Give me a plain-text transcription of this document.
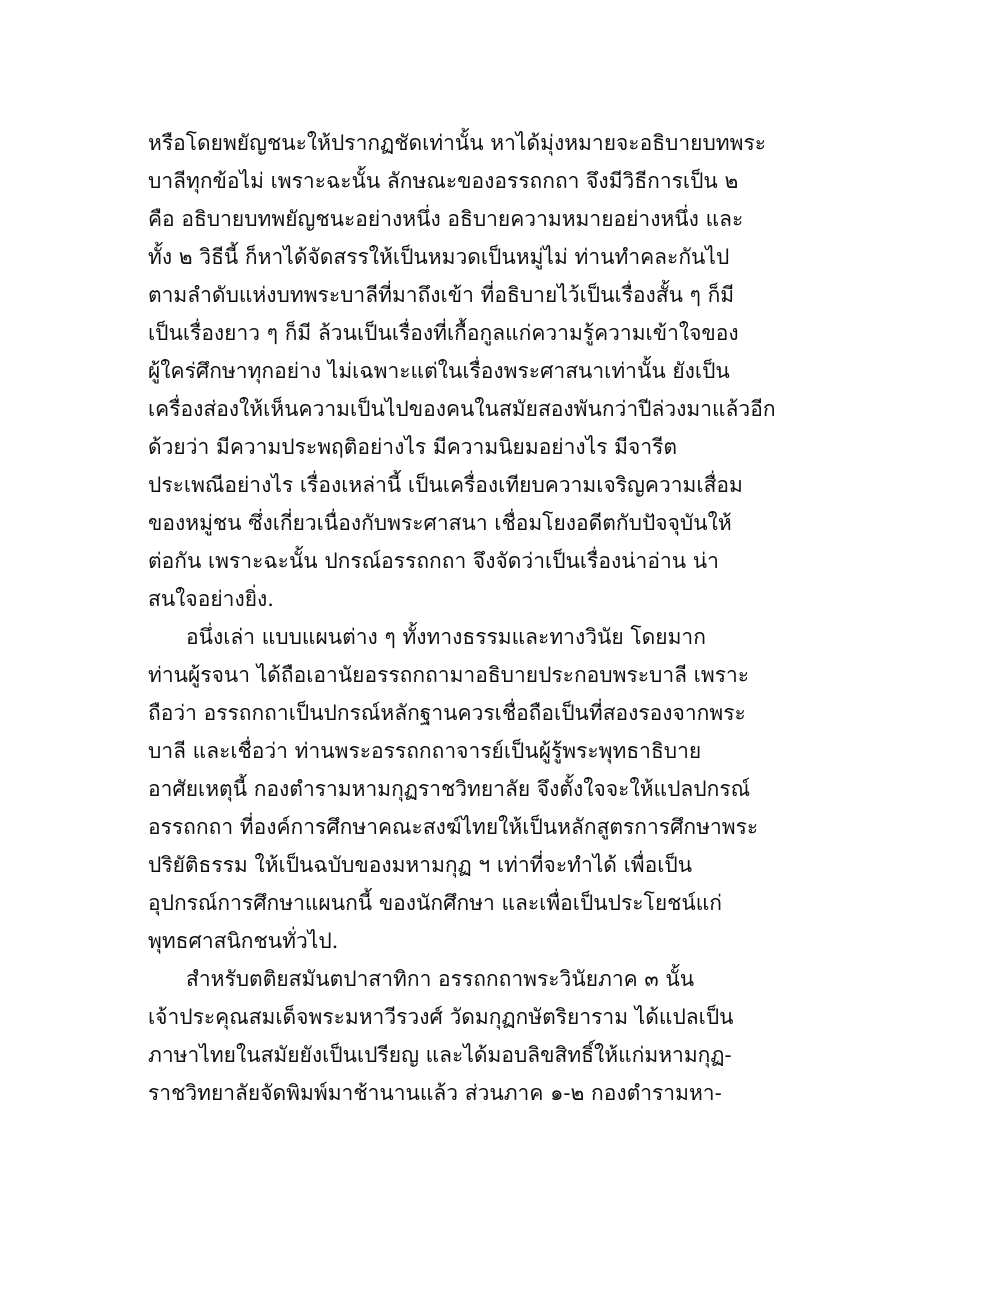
หรือโดยพยัญชนะให้ปรากฏชัดเท่านั้น หาได้มุ่งหมายจะอธิบายบทพระ
บาลีทุกข้อไม่ เพราะฉะนั้น ลักษณะของอรรถกถา จึงมีวิธีการเป็น ๒
คือ อธิบายบทพยัญชนะอย่างหนึ่ง อธิบายความหมายอย่างหนึ่ง และ
ทั้ง ๒ วิธีนี้ ก็หาได้จัดสรรให้เป็นหมวดเป็นหมู่ไม่ ท่านทำคละกันไป
ตามลำดับแห่งบทพระบาลีที่มาถึงเข้า ที่อธิบายไว้เป็นเรื่องสั้น ๆ ก็มี
เป็นเรื่องยาว ๆ ก็มี ล้วนเป็นเรื่องที่เกื้อกูลแก่ความรู้ความเข้าใจของ
ผู้ใคร่ศึกษาทุกอย่าง ไม่เฉพาะแต่ในเรื่องพระศาสนาเท่านั้น ยังเป็น
เครื่องส่องให้เห็นความเป็นไปของคนในสมัยสองพันกว่าปีล่วงมาแล้วอีก
ด้วยว่า มีความประพฤติอย่างไร มีความนิยมอย่างไร มีจารีต
ประเพณีอย่างไร เรื่องเหล่านี้ เป็นเครื่องเทียบความเจริญความเสื่อม
ของหมู่ชน ซึ่งเกี่ยวเนื่องกับพระศาสนา เชื่อมโยงอดีตกับปัจจุบันให้
ต่อกัน เพราะฉะนั้น ปกรณ์อรรถกถา จึงจัดว่าเป็นเรื่องน่าอ่าน น่า
สนใจอย่างยิ่ง.
อนึ่งเล่า แบบแผนต่าง ๆ ทั้งทางธรรมและทางวินัย โดยมาก
ท่านผู้รจนา ได้ถือเอานัยอรรถกถามาอธิบายประกอบพระบาลี เพราะ
ถือว่า อรรถกถาเป็นปกรณ์หลักฐานควรเชื่อถือเป็นที่สองรองจากพระ
บาลี และเชื่อว่า ท่านพระอรรถกถาจารย์เป็นผู้รู้พระพุทธาธิบาย
อาศัยเหตุนี้ กองตำรามหามกุฏราชวิทยาลัย จึงตั้งใจจะให้แปลปกรณ์
อรรถกถา ที่องค์การศึกษาคณะสงฆ์ไทยให้เป็นหลักสูตรการศึกษาพระ
ปริยัติธรรม ให้เป็นฉบับของมหามกุฏ ฯ เท่าที่จะทำได้ เพื่อเป็น
อุปกรณ์การศึกษาแผนกนี้ ของนักศึกษา และเพื่อเป็นประโยชน์แก่
พุทธศาสนิกชนทั่วไป.
สำหรับตติยสมันตปาสาทิกา อรรถกถาพระวินัยภาค ๓ นั้น
เจ้าประคุณสมเด็จพระมหาวีรวงศ์ วัดมกุฏกษัตริยาราม ได้แปลเป็น
ภาษาไทยในสมัยยังเป็นเปรียญ และได้มอบลิขสิทธิ์ให้แก่มหามกุฏ-
ราชวิทยาลัยจัดพิมพ์มาช้านานแล้ว ส่วนภาค ๑-๒ กองตำรามหา-
